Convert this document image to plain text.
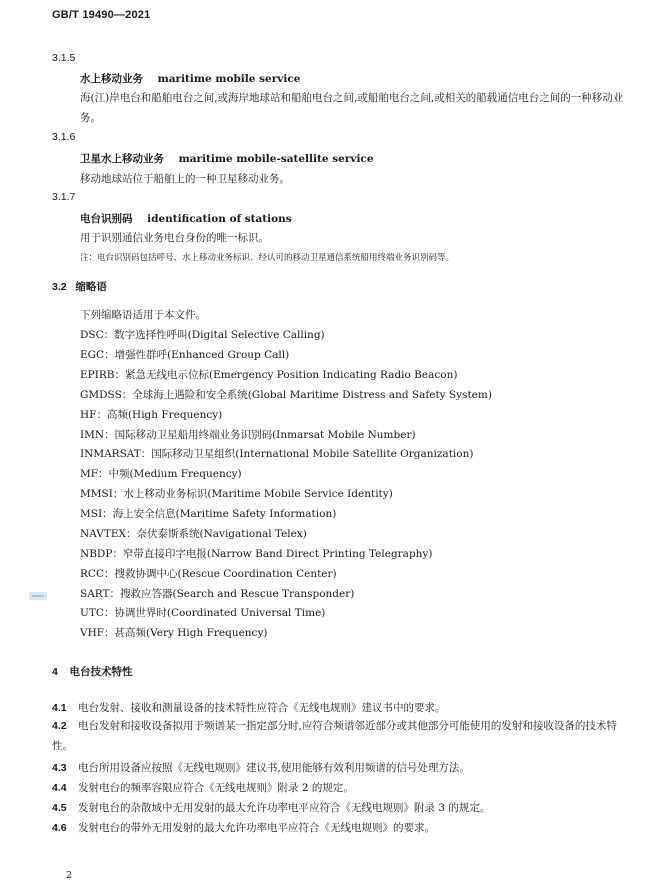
GB/T 19490—2021
3.1.5
水上移动业务 maritime mobile service
海(江)岸电台和船舶电台之间,或海岸地球站和船舶电台之间,或船舶电台之间,或相关的船载通信电台之间的一种移动业务。
3.1.6
卫星水上移动业务 maritime mobile-satellite service
移动地球站位于船舶上的一种卫星移动业务。
3.1.7
电台识别码 identification of stations
用于识别通信业务电台身份的唯一标识。
注：电台识别码包括呼号、水上移动业务标识、经认可的移动卫星通信系统船用终端业务识别码等。
3.2 缩略语
下列缩略语适用于本文件。
DSC：数字选择性呼叫(Digital Selective Calling)
EGC：增强性群呼(Enhanced Group Call)
EPIRB：紧急无线电示位标(Emergency Position Indicating Radio Beacon)
GMDSS：全球海上遇险和安全系统(Global Maritime Distress and Safety System)
HF：高频(High Frequency)
IMN：国际移动卫星船用终端业务识别码(Inmarsat Mobile Number)
INMARSAT：国际移动卫星组织(International Mobile Satellite Organization)
MF：中频(Medium Frequency)
MMSI：水上移动业务标识(Maritime Mobile Service Identity)
MSI：海上安全信息(Maritime Safety Information)
NAVTEX：奈伏泰斯系统(Navigational Telex)
NBDP：窄带直接印字电报(Narrow Band Direct Printing Telegraphy)
RCC：搜救协调中心(Rescue Coordination Center)
SART：搜救应答器(Search and Rescue Transponder)
UTC：协调世界时(Coordinated Universal Time)
VHF：甚高频(Very High Frequency)
4 电台技术特性
4.1 电台发射、接收和测量设备的技术特性应符合《无线电规则》建议书中的要求。
4.2 电台发射和接收设备拟用于频谱某一指定部分时,应符合频谱邻近部分或其他部分可能使用的发射和接收设备的技术特性。
4.3 电台所用设备应按照《无线电规则》建议书,使用能够有效利用频谱的信号处理方法。
4.4 发射电台的频率容限应符合《无线电规则》附录 2 的规定。
4.5 发射电台的杂散域中无用发射的最大允许功率电平应符合《无线电规则》附录 3 的规定。
4.6 发射电台的带外无用发射的最大允许功率电平应符合《无线电规则》的要求。
2
